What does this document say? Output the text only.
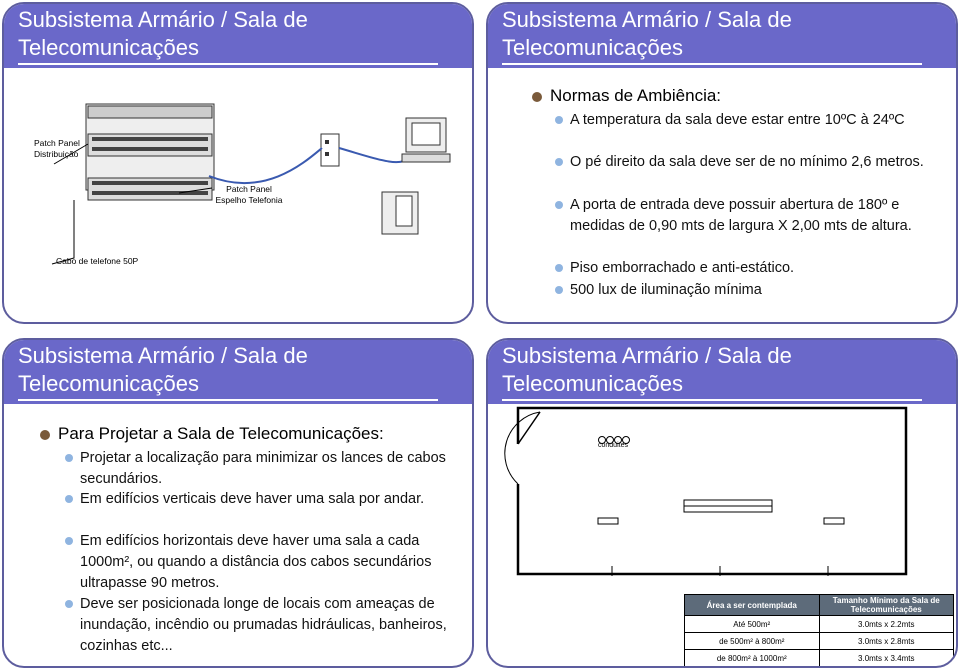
Subsistema Armário / Sala de
Telecomunicações
Patch Panel Distribuição
Patch Panel Espelho Telefonia
Cabo de telefone 50P
Subsistema Armário / Sala de
Telecomunicações
Normas de Ambiência:
A temperatura da sala deve estar entre 10ºC à 24ºC
O pé direito da sala deve ser de no mínimo 2,6 metros.
A porta de entrada deve possuir abertura de 180º e medidas de 0,90 mts de largura X 2,00 mts de altura.
Piso emborrachado e anti-estático.
500 lux de iluminação mínima
Subsistema Armário / Sala de
Telecomunicações
Para Projetar a Sala de Telecomunicações:
Projetar a localização para minimizar os lances de cabos secundários.
Em edifícios verticais deve haver uma sala por andar.
Em edifícios horizontais deve haver uma sala a cada 1000m², ou quando a distância dos cabos secundários ultrapasse 90 metros.
Deve ser posicionada longe de locais com ameaças de inundação, incêndio ou prumadas hidráulicas, banheiros, cozinhas etc...
Subsistema Armário / Sala de
Telecomunicações
conduites
Área a ser contemplada	Tamanho Mínimo da Sala de Telecomunicações
Até 500m²	3.0mts x 2.2mts
de 500m² à 800m²	3.0mts x 2.8mts
de 800m² à 1000m²	3.0mts x 3.4mts
